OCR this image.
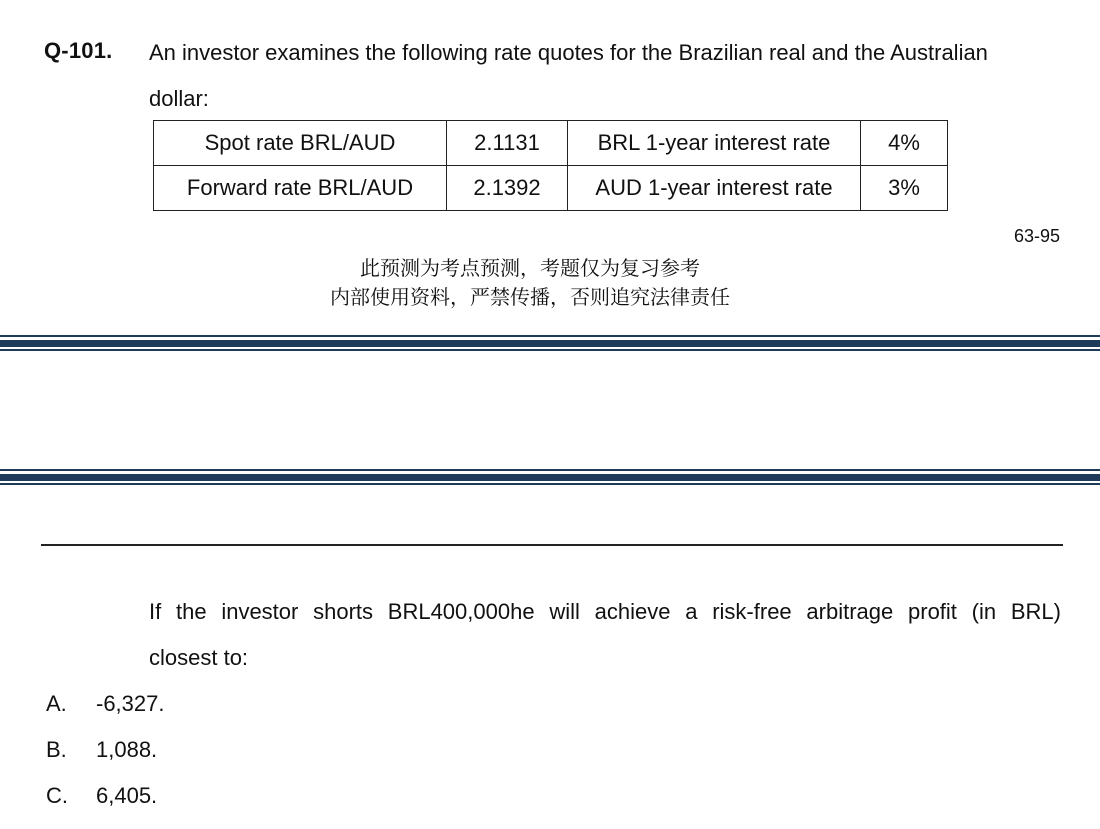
Q-101. An investor examines the following rate quotes for the Brazilian real and the Australian
dollar:
Spot rate BRL/AUD	2.1131	BRL 1-year interest rate	4%
Forward rate BRL/AUD	2.1392	AUD 1-year interest rate	3%
63-95
此预测为考点预测，考题仅为复习参考
内部使用资料，严禁传播，否则追究法律责任
If the investor shorts BRL400,000he will achieve a risk-free arbitrage profit (in BRL)
closest to:
A. -6,327.
B. 1,088.
C. 6,405.
